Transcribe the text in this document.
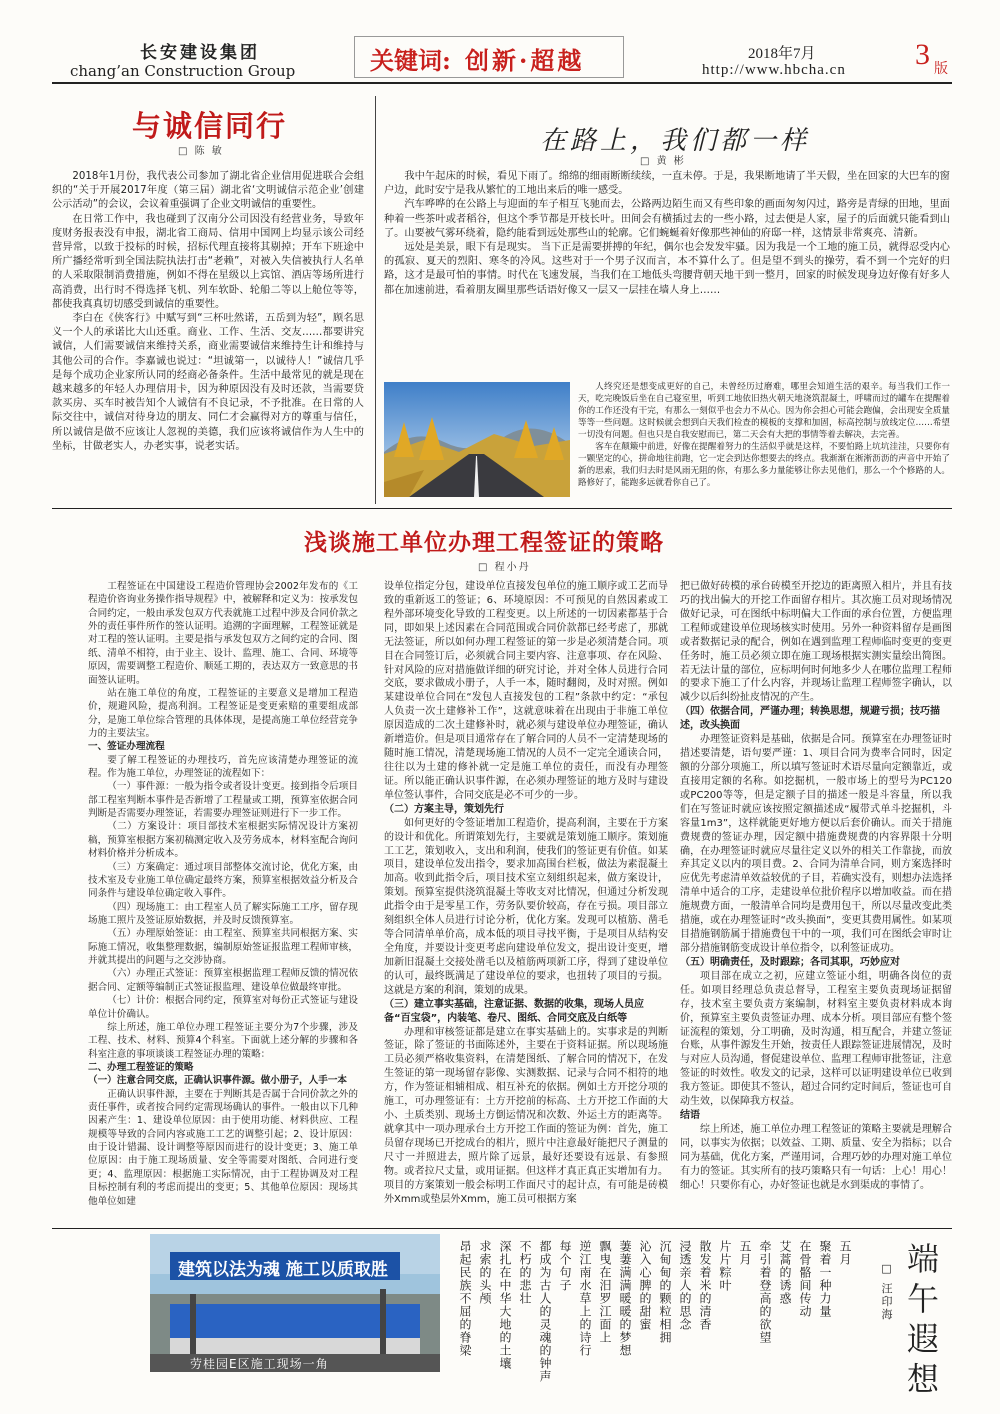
长安建设集团
chang’an Construction Group	关键词: 创新·超越	2018年7月
http://www.hbcha.cn 3 版
与诚信同行
□ 陈 敏

2018年1月份，我代表公司参加了湖北省企业信用促进联合会组织的“关于开展2017年度（第三届）湖北省‘文明诚信示范企业’创建公示活动”的会议，会议着重强调了企业文明诚信的重要性。

在日常工作中，我也碰到了汉南分公司因没有经营业务，导致年度财务报表没有申报，湖北省工商局、信用中国网上均显示该公司经营异常，以致于投标的时候，招标代理直接将其剔掉；开车下班途中所广播经常听到全国法院执法打击“老赖”，对被入失信被执行人名单的人采取限制消费措施，例如不得在星级以上宾馆、酒店等场所进行高消费，出行时不得选择飞机、列车软卧、轮船二等以上舱位等等，都使我真真切切感受到诚信的重要性。

李白在《侠客行》中赋写到“三杯吐然诺，五岳到为轻”，顾名思义一个人的承诺比大山还重。商业、工作、生活、交友……都要讲究诚信，人们需要诚信来维持关系，商业需要诚信来维持生计和维持与其他公司的合作。李嘉诚也说过：“坦诚第一，以诚待人！”诚信几乎是每个成功企业家所认同的经商必备条件。生活中最常见的就是现在越来越多的年轻人办理信用卡，因为种原因没有及时还款，当需要贷款买房、买车时被告知个人诚信有不良记录，不予批准。在日常的人际交往中，诚信对待身边的朋友、同仁才会赢得对方的尊重与信任，所以诚信是做不应该让人忽视的美德，我们应该将诚信作为人生中的坐标，甘做老实人，办老实事，说老实话。

在路上，我们都一样
□ 黄 彬

我中午起床的时候，看见下雨了。绵绵的细雨断断续续，一直未停。于是，我果断地请了半天假，坐在回家的大巴车的窗户边，此时安宁是我从繁忙的工地出来后的唯一感受。

汽车哗哗的在公路上与迎面的车子相互飞驰而去，公路两边陌生而又有些印象的画面匆匆闪过，路旁是青绿的田地，里面种着一些茶叶或者稻谷，但这个季节都是开枝长叶。田间会有横插过去的一些小路，过去便是人家，屋子的后面就只能看到山了。山要被气雾环绕着，隐约能看到远处那些山的轮廓。它们蜿蜒着好像那些神仙的府邸一样，这情景非常爽亮、清新。

远处是美景，眼下有是现实。 当下正是需要拼搏的年纪，偶尔也会发发牢骚。因为我是一个工地的施工员，就得忍受内心的孤寂、夏天的烈阳、寒冬的冷风。这些对于一个男子汉而言，本不算什么了。但是望不到头的操劳，看不到一个完好的归路，这才是最可怕的事情。时代在飞速发展，当我们在工地低头弯腰背朝天地干到一整月，回家的时候发现身边好像有好多人都在加速前进，看着朋友圈里那些话语好像又一层又一层挂在墙人身上……

人终究还是想变成更好的自己，未曾经历过磨难，哪里会知道生活的艰辛。每当我们工作一天，吃完晚饭后坐在自己寝室里，听到工地依旧热火朝天地浇筑混凝土，呼啸而过的罐车在提醒着你的工作还没有干完，有那么一刻似乎也会力不从心。因为你会担心可能会跑偏，会出现安全质量等等一些问题。这时候就会想到白天我们检查的模板的支撑和加固，标高控制与放线定位……希望一切没有问题。但也只是自我安慰而已，第二天会有大把的事情等着去解决，去完善。

客车在颠簸中前进，好像在提醒着努力的生活似乎就是这样，不要怕路上坑坑洼洼，只要你有一颗坚定的心，拼命地往前跑，它一定会到达你想要去的终点。我渐渐在淅淅沥沥的声音中开始了新的思索，我们归去时是风雨无阻的你，有那么多力量能够让你去见他们，那么一个个修路的人。路修好了，能跑多远就看你自己了。

浅谈施工单位办理工程签证的策略
□ 程小丹

工程签证在中国建设工程造价管理协会2002年发布的《工程造价咨询业务操作指导规程》中，被解释和定义为：按承发包合同约定，一般由承发包双方代表就施工过程中涉及合同价款之外的责任事件所作的签认证明。追溯的字面理解，工程签证就是对工程的签认证明。主要是指与承发包双方之间约定的合同、图纸、清单不相符，由于业主、设计、监理、施工、合同、环境等原因，需要调整工程造价、顺延工期的，表达双方一致意思的书面签认证明。

站在施工单位的角度，工程签证的主要意义是增加工程造价，规避风险，提高利润。工程签证是变更索赔的重要组成部分，是施工单位综合管理的具体体现，是提高施工单位经营竞争力的主要法宝。

一、签证办理流程

要了解工程签证的办理技巧，首先应该清楚办理签证的流程。作为施工单位，办理签证的流程如下：

（一）事件源：一般为指令或者设计变更。接到指令后项目部工程室判断本事件是否新增了工程量或工期，预算室依据合同判断是否需要办理签证，若需要办理签证则进行下一步工作。

（二）方案设计：项目部技术室根据实际情况设计方案初稿，预算室根据方案初稿测定收入及劳务成本，材料室配合询问材料价格并分析成本。

（三）方案确定：通过项目部整体交流讨论，优化方案，由技术室及专业施工单位确定最终方案，预算室根据效益分析及合同条件与建设单位确定收入事件。

（四）现场施工：由工程室人员了解实际施工工序，留存现场施工照片及签证原始数据，并及时反馈预算室。

（五）办理原始签证：由工程室、预算室共同根据方案、实际施工情况，收集整理数据，编制原始签证报监理工程师审核，并就其提出的问题与之交涉协商。

（六）办理正式签证：预算室根据监理工程师反馈的情况依据合同、定额等编制正式签证报监理、建设单位做最终审批。

（七）计价：根据合同约定，预算室对每份正式签证与建设单位计价确认。

综上所述，施工单位办理工程签证主要分为7个步骤，涉及工程、技术、材料、预算4个科室。下面就上述分解的步骤和各科室注意的事项谈谈工程签证办理的策略：

二、办理工程签证的策略
（一）注意合同交底，正确认识事件源。做小册子，人手一本

正确认识事件源，主要在于判断其是否属于合同价款之外的责任事件，或者按合同约定需现场确认的事件。一般由以下几种因素产生：1、建设单位原因：由于使用功能、材料供应、工程规模等导致的合同内容或施工工艺的调整引起；2、设计原因：由于设计错漏、设计调整等原因而进行的设计变更；3、施工单位原因：由于施工现场质量、安全等需要对图纸、合同进行变更；4、监理原因：根据施工实际情况，由于工程协调及对工程目标控制有利的考虑而提出的变更；5、其他单位原因：现场其他单位如建

设单位指定分包，建设单位直接发包单位的施工顺序或工艺而导致的重新返工的签证；6、环境原因：不可预见的自然因素或工程外部环境变化导致的工程变更。以上所述的一切因素都基于合同，即如果上述因素在合同范围或合同价款都已经考虑了，那就无法签证，所以如何办理工程签证的第一步是必须清楚合同。项目在合同签订后，必须就合同主要内容、注意事项、存在风险、针对风险的应对措施做详细的研究讨论，并对全体人员进行合同交底，要求做成小册子，人手一本，随时翻阅，及时对照。例如某建设单位合同在“发包人直接发包的工程”条款中约定：“承包人负责一次土建修补工作”，这就意味着在出现由于非施工单位原因造成的二次土建修补时，就必须与建设单位办理签证，确认新增造价。但是项目通常存在了解合同的人员不一定清楚现场的随时施工情况，清楚现场施工情况的人员不一定完全通读合同，往往以为土建的修补就一定是施工单位的责任，而没有办理签证。所以能正确认识事件源，在必须办理签证的地方及时与建设单位签认事件，合同交底是必不可少的一步。

（二）方案主导，策划先行

如何更好的令签证增加工程造价，提高利润，主要在于方案的设计和优化。所谓策划先行，主要就是策划施工顺序。策划施工工艺，策划收入，支出和利润，使我们的签证更有价值。如某项目，建设单位发出指令，要求加高围台栏板，做法为素混凝土加高。收到此指令后，项目技术室立刻组织起来，做方案设计，策划。预算室提供浇筑混凝土等收支对比情况，但通过分析发现此指令由于是零星工作，劳务队要价较高，存在亏损。项目部立刻组织全体人员进行讨论分析，优化方案。发现可以植筋、凿毛等合同清单单价高，成本低的项目寻找平衡，于是项目从结构安全角度，并要设计变更考虑向建设单位发文，提出设计变更，增加新旧混凝土交接处凿毛以及植筋两项新工序，得到了建设单位的认可，最终既满足了建设单位的要求，也扭转了项目的亏损。这就是方案的利润，策划的成果。

（三）建立事实基础，注意证据、数据的收集，现场人员应备“百宝袋”，内装笔、卷尺、图纸、合同交底及白纸等

办理和审核签证都是建立在事实基础上的。实事求是的判断签证，除了签证的书面陈述外，主要在于资料证据。所以现场施工员必须严格收集资料，在清楚图纸、了解合同的情况下，在发生签证的第一现场留存影像、实测数据、记录与合同不相符的地方，作为签证相辅相成、相互补充的依据。例如土方开挖分项的施工，可办理签证有：土方开挖前的标高、土方开挖工作面的大小、土质类别、现场土方倒运情况和次数、外运土方的距离等。就拿其中一项办理承台土方开挖工作面的签证为例：首先，施工员留存现场已开挖成台的相片，照片中注意最好能把尺子测量的尺寸一并照进去，照片除了远景，最好还要设有远景、有参照物。或者拉尺丈量，或用证据。但这样才真正真正实增加有力。项目的方案策划一般会标明工作面尺寸的起计点，有可能是砖模外Xmm或垫层外Xmm，施工员可根据方案

把已做好砖模的承台砖模至开挖边的距离照入相片，并且有技巧的找出偏大的开挖工作面留存相片。其次施工员对现场情况做好记录，可在图纸中标明偏大工作面的承台位置，方便监理工程师或建设单位现场核实时使用。另外一种资料留存是画图或者数据记录的配合，例如在遇到监理工程师临时变更的变更任务时，施工员必须立即在施工现场根据实测实量绘出简图。若无法计量的部位，应标明何时何地多少人在哪位监理工程师的要求下施工了什么内容，并现场让监理工程师签字确认，以减少以后纠纷扯皮情况的产生。

（四）依据合同，严谨办理；转换思想，规避亏损；技巧描述，改头换面

办理签证资料是基础，依据是合同。预算室在办理签证时措述要清楚，语句要严谨：1、项目合同为费率合同时，因定额的分部分项施工，所以填写签证时术语尽量向定额靠近，或直接用定额的名称。如挖掘机，一般市场上的型号为PC120或PC200等等，但是定额子目的描述一般是斗容量，所以我们在写签证时就应该按照定额描述成“履带式单斗挖掘机，斗容量1m3”，这样就能更好地方便以后套价确认。而关于措施费规费的签证办理，因定额中措施费规费的内容界限十分明确，在办理签证时就应尽量往定义以外的相关工作靠拢，而放弃其定义以内的项目费。2、合同为清单合同，则方案选择时应优先考虑清单效益较优的子目，若确实没有，则想办法选择清单中适合的工序，走建设单位批价程序以增加收益。而在措施规费方面，一般清单合同均是费用包干，所以尽量改变此类措施，或在办理签证时“改头换面”，变更其费用属性。如某项目措施钢筋属于措施费包干中的一项，我们可在图纸会审时让部分措施钢筋变成设计单位指令，以利签证成功。

（五）明确责任，及时跟踪；各司其职，巧妙应对

项目部在成立之初，应建立签证小组，明确各岗位的责任。如项目经理总负责总督导，工程室主要负责现场证据留存，技术室主要负责方案编制，材料室主要负责材料成本询价，预算室主要负责签证办理、成本分析。项目部应有整个签证流程的策划，分工明确，及时沟通，相互配合，并建立签证台账，从事件源发生开始，按责任人跟踪签证进展情况，及时与对应人员沟通，督促建设单位、监理工程师审批签证，注意签证的时效性。收发文的记录，这样可以证明建设单位已收到我方签证。即使其不签认，超过合同约定时间后，签证也可自动生效，以保障我方权益。

结语

综上所述，施工单位办理工程签证的策略主要就是理解合同，以事实为依据；以效益、工期、质量、安全为指标；以合同为基础，优化方案，严谨用词，合理巧妙的办理对施工单位有力的签证。其实所有的技巧策略只有一句话：上心！用心！细心！只要你有心，办好签证也就是水到渠成的事情了。

建筑以法为魂 施工以质取胜
劳桂园E区施工现场一角
五月
聚着一种力量
在骨骼间传动
艾蒿的诱惑
牵引着登高的欲望
五月
片片粽叶
散发着米的清香
浸透亲人的思念
沉甸甸的颗粒相拥
沁入心脾的甜蜜
萋萋满满暖暖的梦想
飘曳在汨罗江面上
逆江南水草上的诗行
每个句子
都成为古人的灵魂的钟声
不朽的悲壮
深扎在中华大地的土壤
求索的头颅
昂起民族不屈的脊梁	端午遐想
□ 汪印海
